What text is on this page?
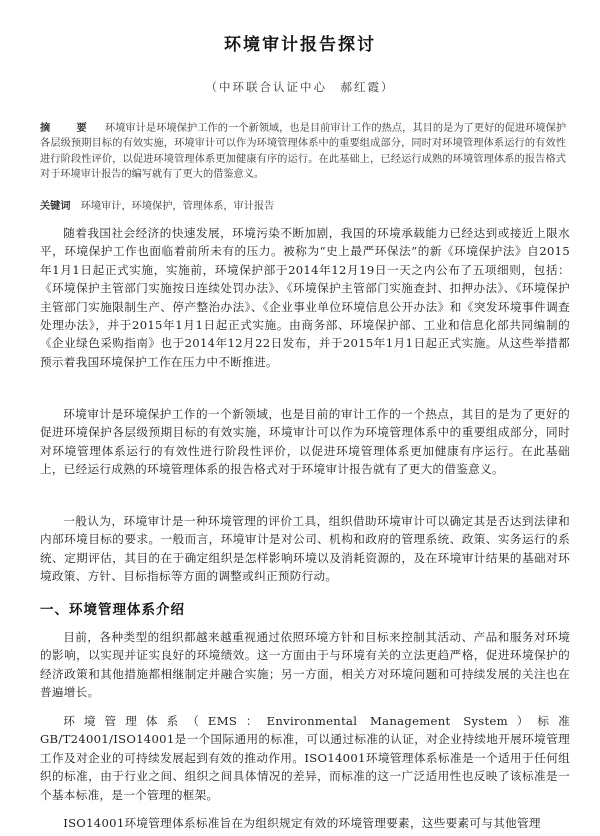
环境审计报告探讨
（中环联合认证中心　郝红霞）
摘　要　 环境审计是环境保护工作的一个新领域，也是目前审计工作的热点，其目的是为了更好的促进环境保护各层级预期目标的有效实施，环境审计可以作为环境管理体系中的重要组成部分，同时对环境管理体系运行的有效性进行阶段性评价，以促进环境管理体系更加健康有序的运行。在此基础上，已经运行成熟的环境管理体系的报告格式对于环境审计报告的编写就有了更大的借鉴意义。
关键词　 环境审计，环境保护，管理体系，审计报告

随着我国社会经济的快速发展，环境污染不断加剧，我国的环境承载能力已经达到或接近上限水平，环境保护工作也面临着前所未有的压力。被称为“史上最严环保法”的新《环境保护法》自2015年1月1日起正式实施，实施前，环境保护部于2014年12月19日一天之内公布了五项细则，包括：《环境保护主管部门实施按日连续处罚办法》、《环境保护主管部门实施查封、扣押办法》、《环境保护主管部门实施限制生产、停产整治办法》、《企业事业单位环境信息公开办法》和《突发环境事件调查处理办法》，并于2015年1月1日起正式实施。由商务部、环境保护部、工业和信息化部共同编制的《企业绿色采购指南》也于2014年12月22日发布，并于2015年1月1日起正式实施。从这些举措都预示着我国环境保护工作在压力中不断推进。

环境审计是环境保护工作的一个新领域，也是目前的审计工作的一个热点，其目的是为了更好的促进环境保护各层级预期目标的有效实施，环境审计可以作为环境管理体系中的重要组成部分，同时对环境管理体系运行的有效性进行阶段性评价，以促进环境管理体系更加健康有序运行。在此基础上，已经运行成熟的环境管理体系的报告格式对于环境审计报告就有了更大的借鉴意义。

一般认为，环境审计是一种环境管理的评价工具，组织借助环境审计可以确定其是否达到法律和内部环境目标的要求。一般而言，环境审计是对公司、机构和政府的管理系统、政策、实务运行的系统、定期评估，其目的在于确定组织是怎样影响环境以及消耗资源的，及在环境审计结果的基础对环境政策、方针、目标指标等方面的调整或纠正预防行动。

一、环境管理体系介绍

目前，各种类型的组织都越来越重视通过依照环境方针和目标来控制其活动、产品和服务对环境的影响，以实现并证实良好的环境绩效。这一方面由于与环境有关的立法更趋严格，促进环境保护的经济政策和其他措施都相继制定并融合实施；另一方面，相关方对环境问题和可持续发展的关注也在普遍增长。

环境管理体系（EMS：Environmental Management System）标准GB/T24001/ISO14001是一个国际通用的标准，可以通过标准的认证，对企业持续地开展环境管理工作及对企业的可持续发展起到有效的推动作用。ISO14001环境管理体系标准是一个适用于任何组织的标准，由于行业之间、组织之间具体情况的差异，而标准的这一广泛适用性也反映了该标准是一个基本标准，是一个管理的框架。

ISO14001环境管理体系标准旨在为组织规定有效的环境管理要素，这些要素可与其他管理
